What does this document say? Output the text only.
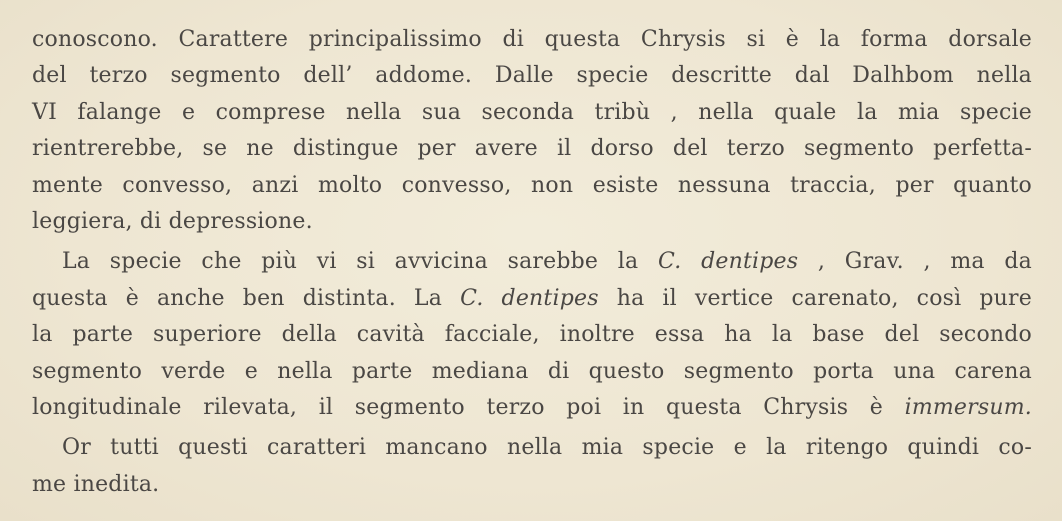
conoscono. Carattere principalissimo di questa Chrysis si è la forma dorsale
del terzo segmento dell’ addome. Dalle specie descritte dal Dalhbom nella
VI falange e comprese nella sua seconda tribù , nella quale la mia specie
rientrerebbe, se ne distingue per avere il dorso del terzo segmento perfetta-
mente convesso, anzi molto convesso, non esiste nessuna traccia, per quanto
leggiera, di depressione.
La specie che più vi si avvicina sarebbe la C. dentipes , Grav. , ma da
questa è anche ben distinta. La C. dentipes ha il vertice carenato, così pure
la parte superiore della cavità facciale, inoltre essa ha la base del secondo
segmento verde e nella parte mediana di questo segmento porta una carena
longitudinale rilevata, il segmento terzo poi in questa Chrysis è immersum.
Or tutti questi caratteri mancano nella mia specie e la ritengo quindi co-
me inedita.
